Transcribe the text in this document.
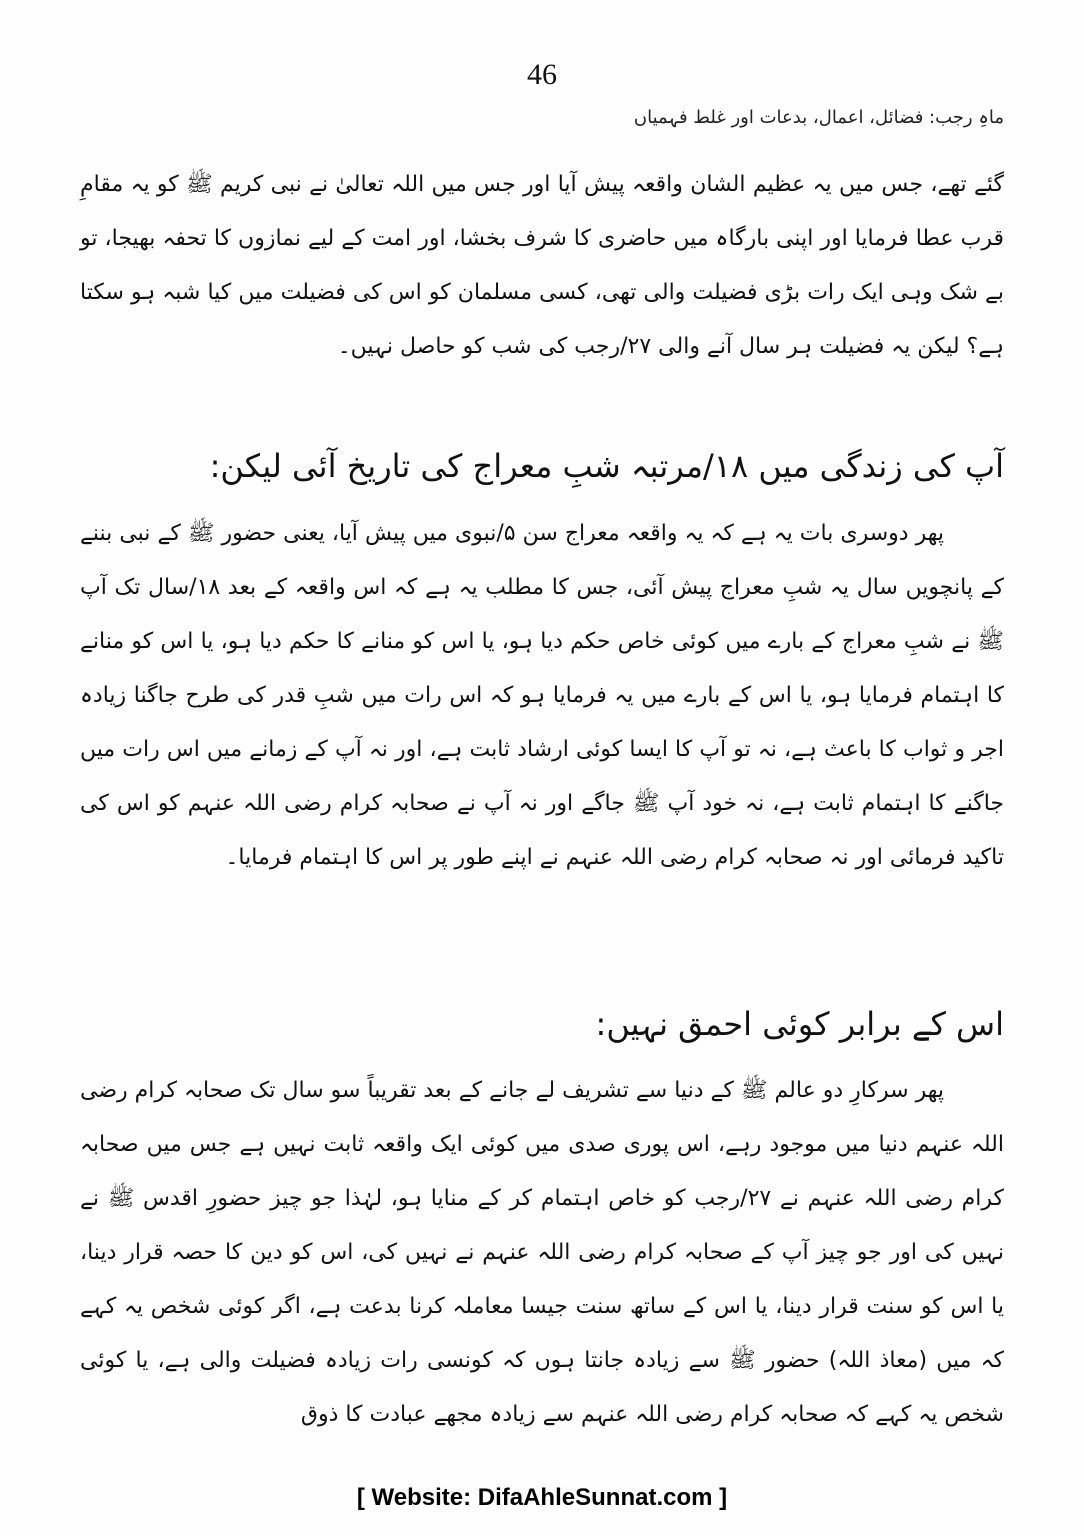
46
ماہِ رجب: فضائل، اعمال، بدعات اور غلط فہمیاں
گئے تھے، جس میں یہ عظیم الشان واقعہ پیش آیا اور جس میں اللہ تعالیٰ نے نبی کریم ﷺ کو یہ مقامِ قرب عطا فرمایا اور اپنی بارگاہ میں حاضری کا شرف بخشا، اور امت کے لیے نمازوں کا تحفہ بھیجا، تو بے شک وہی ایک رات بڑی فضیلت والی تھی، کسی مسلمان کو اس کی فضیلت میں کیا شبہ ہو سکتا ہے؟ لیکن یہ فضیلت ہر سال آنے والی ۲۷/رجب کی شب کو حاصل نہیں۔
آپ کی زندگی میں ۱۸/مرتبہ شبِ معراج کی تاریخ آئی لیکن:
پھر دوسری بات یہ ہے کہ یہ واقعہ معراج سن ۵/نبوی میں پیش آیا، یعنی حضور ﷺ کے نبی بننے کے پانچویں سال یہ شبِ معراج پیش آئی، جس کا مطلب یہ ہے کہ اس واقعہ کے بعد ۱۸/سال تک آپ ﷺ نے شبِ معراج کے بارے میں کوئی خاص حکم دیا ہو، یا اس کو منانے کا حکم دیا ہو، یا اس کو منانے کا اہتمام فرمایا ہو، یا اس کے بارے میں یہ فرمایا ہو کہ اس رات میں شبِ قدر کی طرح جاگنا زیادہ اجر و ثواب کا باعث ہے، نہ تو آپ کا ایسا کوئی ارشاد ثابت ہے، اور نہ آپ کے زمانے میں اس رات میں جاگنے کا اہتمام ثابت ہے، نہ خود آپ ﷺ جاگے اور نہ آپ نے صحابہ کرام رضی اللہ عنہم کو اس کی تاکید فرمائی اور نہ صحابہ کرام رضی اللہ عنہم نے اپنے طور پر اس کا اہتمام فرمایا۔
اس کے برابر کوئی احمق نہیں:
پھر سرکارِ دو عالم ﷺ کے دنیا سے تشریف لے جانے کے بعد تقریباً سو سال تک صحابہ کرام رضی اللہ عنہم دنیا میں موجود رہے، اس پوری صدی میں کوئی ایک واقعہ ثابت نہیں ہے جس میں صحابہ کرام رضی اللہ عنہم نے ۲۷/رجب کو خاص اہتمام کر کے منایا ہو، لہٰذا جو چیز حضورِ اقدس ﷺ نے نہیں کی اور جو چیز آپ کے صحابہ کرام رضی اللہ عنہم نے نہیں کی، اس کو دین کا حصہ قرار دینا، یا اس کو سنت قرار دینا، یا اس کے ساتھ سنت جیسا معاملہ کرنا بدعت ہے، اگر کوئی شخص یہ کہے کہ میں (معاذ اللہ) حضور ﷺ سے زیادہ جانتا ہوں کہ کونسی رات زیادہ فضیلت والی ہے، یا کوئی شخص یہ کہے کہ صحابہ کرام رضی اللہ عنہم سے زیادہ مجھے عبادت کا ذوق
[ Website: DifaAhleSunnat.com ]
